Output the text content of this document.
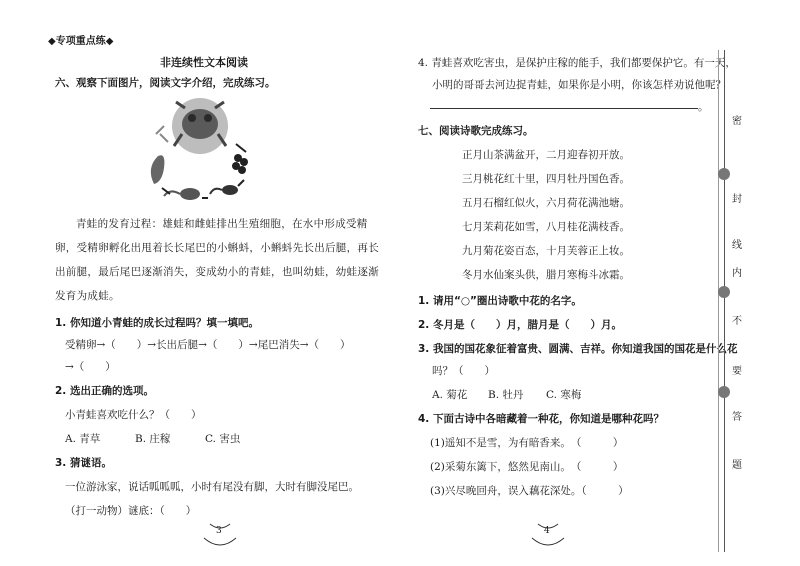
◆专项重点练◆
非连续性文本阅读
六、观察下面图片，阅读文字介绍，完成练习。
青蛙的发育过程：雄蛙和雌蛙排出生殖细胞，在水中形成受精卵，受精卵孵化出甩着长长尾巴的小蝌蚪，小蝌蚪先长出后腿，再长出前腿，最后尾巴逐渐消失，变成幼小的青蛙，也叫幼蛙，幼蛙逐渐发育为成蛙。
1. 你知道小青蛙的成长过程吗？填一填吧。
受精卵→（　　）→长出后腿→（　　）→尾巴消失→（　　）
→（　　）
2. 选出正确的选项。
小青蛙喜欢吃什么？（　　）
A. 青草	B. 庄稼	C. 害虫
3. 猜谜语。
一位游泳家，说话呱呱呱，小时有尾没有脚，大时有脚没尾巴。
（打一动物）谜底：（　　）
3
4. 青蛙喜欢吃害虫，是保护庄稼的能手，我们都要保护它。有一天，
小明的哥哥去河边捉青蛙，如果你是小明，你该怎样劝说他呢？
。
七、阅读诗歌完成练习。
正月山茶满盆开，二月迎春初开放。
三月桃花红十里，四月牡丹国色香。
五月石榴红似火，六月荷花满池塘。
七月茉莉花如雪，八月桂花满枝香。
九月菊花姿百态，十月芙蓉正上妆。
冬月水仙案头供，腊月寒梅斗冰霜。
1. 请用“○”圈出诗歌中花的名字。
2. 冬月是（　　）月，腊月是（　　）月。
3. 我国的国花象征着富贵、圆满、吉祥。你知道我国的国花是什么花
吗？（　　）
A. 菊花 B. 牡丹 C. 寒梅
4. 下面古诗中各暗藏着一种花，你知道是哪种花吗？
(1)遥知不是雪，为有暗香来。　（　　　）
(2)采菊东篱下，悠然见南山。　（　　　）
(3)兴尽晚回舟，误入藕花深处。（　　　）
4
密
封
线
内
不
要
答
题
